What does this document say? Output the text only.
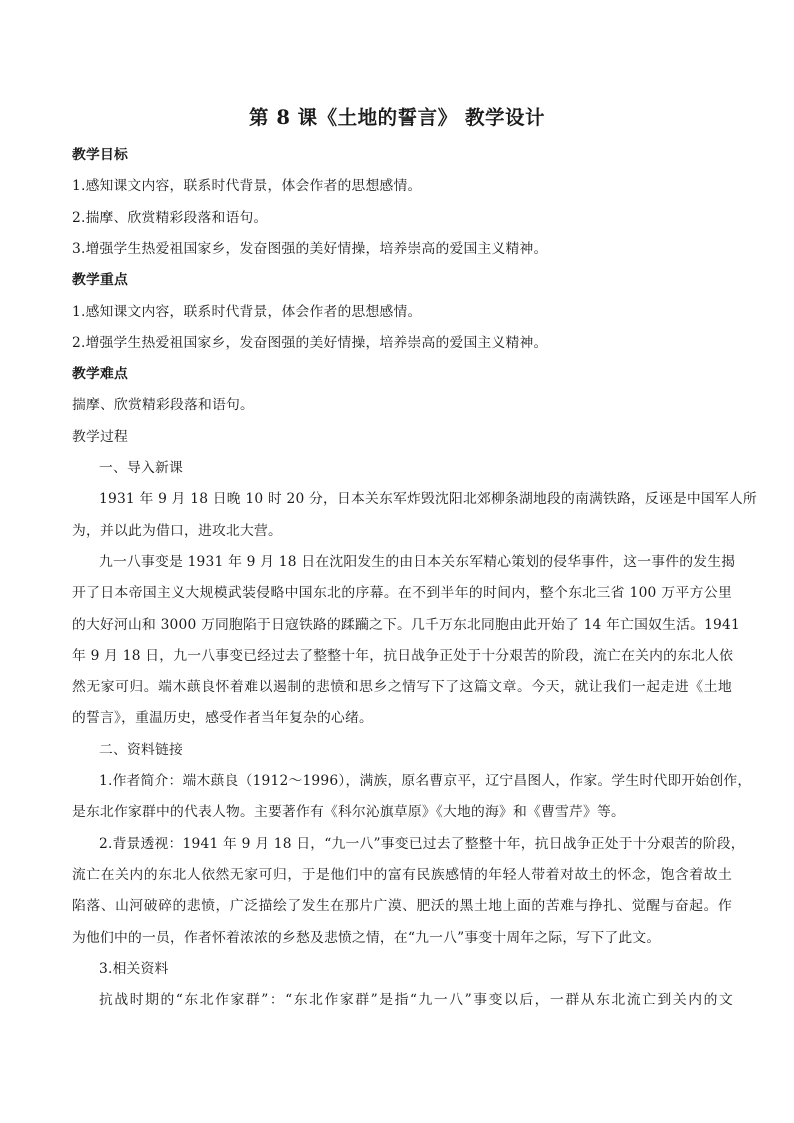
第 8 课《土地的誓言》 教学设计
教学目标
1.感知课文内容，联系时代背景，体会作者的思想感情。
2.揣摩、欣赏精彩段落和语句。
3.增强学生热爱祖国家乡，发奋图强的美好情操，培养崇高的爱国主义精神。
教学重点
1.感知课文内容，联系时代背景，体会作者的思想感情。
2.增强学生热爱祖国家乡，发奋图强的美好情操，培养崇高的爱国主义精神。
教学难点
揣摩、欣赏精彩段落和语句。
教学过程
一、导入新课
1931 年 9 月 18 日晚 10 时 20 分，日本关东军炸毁沈阳北郊柳条湖地段的南满铁路，反诬是中国军人所
为，并以此为借口，进攻北大营。
九一八事变是 1931 年 9 月 18 日在沈阳发生的由日本关东军精心策划的侵华事件，这一事件的发生揭
开了日本帝国主义大规模武装侵略中国东北的序幕。在不到半年的时间内，整个东北三省 100 万平方公里
的大好河山和 3000 万同胞陷于日寇铁路的蹂躏之下。几千万东北同胞由此开始了 14 年亡国奴生活。1941
年 9 月 18 日，九一八事变已经过去了整整十年，抗日战争正处于十分艰苦的阶段，流亡在关内的东北人依
然无家可归。端木蕻良怀着难以遏制的悲愤和思乡之情写下了这篇文章。今天，就让我们一起走进《土地
的誓言》，重温历史，感受作者当年复杂的心绪。
二、资料链接
1.作者简介：端木蕻良（1912～1996），满族，原名曹京平，辽宁昌图人，作家。学生时代即开始创作，
是东北作家群中的代表人物。主要著作有《科尔沁旗草原》《大地的海》和《曹雪芹》等。
2.背景透视：1941 年 9 月 18 日，“九一八”事变已过去了整整十年，抗日战争正处于十分艰苦的阶段，
流亡在关内的东北人依然无家可归，于是他们中的富有民族感情的年轻人带着对故土的怀念，饱含着故土
陷落、山河破碎的悲愤，广泛描绘了发生在那片广漠、肥沃的黑土地上面的苦难与挣扎、觉醒与奋起。作
为他们中的一员，作者怀着浓浓的乡愁及悲愤之情，在“九一八”事变十周年之际，写下了此文。
3.相关资料
抗战时期的“东北作家群”：“东北作家群”是指“九一八”事变以后，一群从东北流亡到关内的文
